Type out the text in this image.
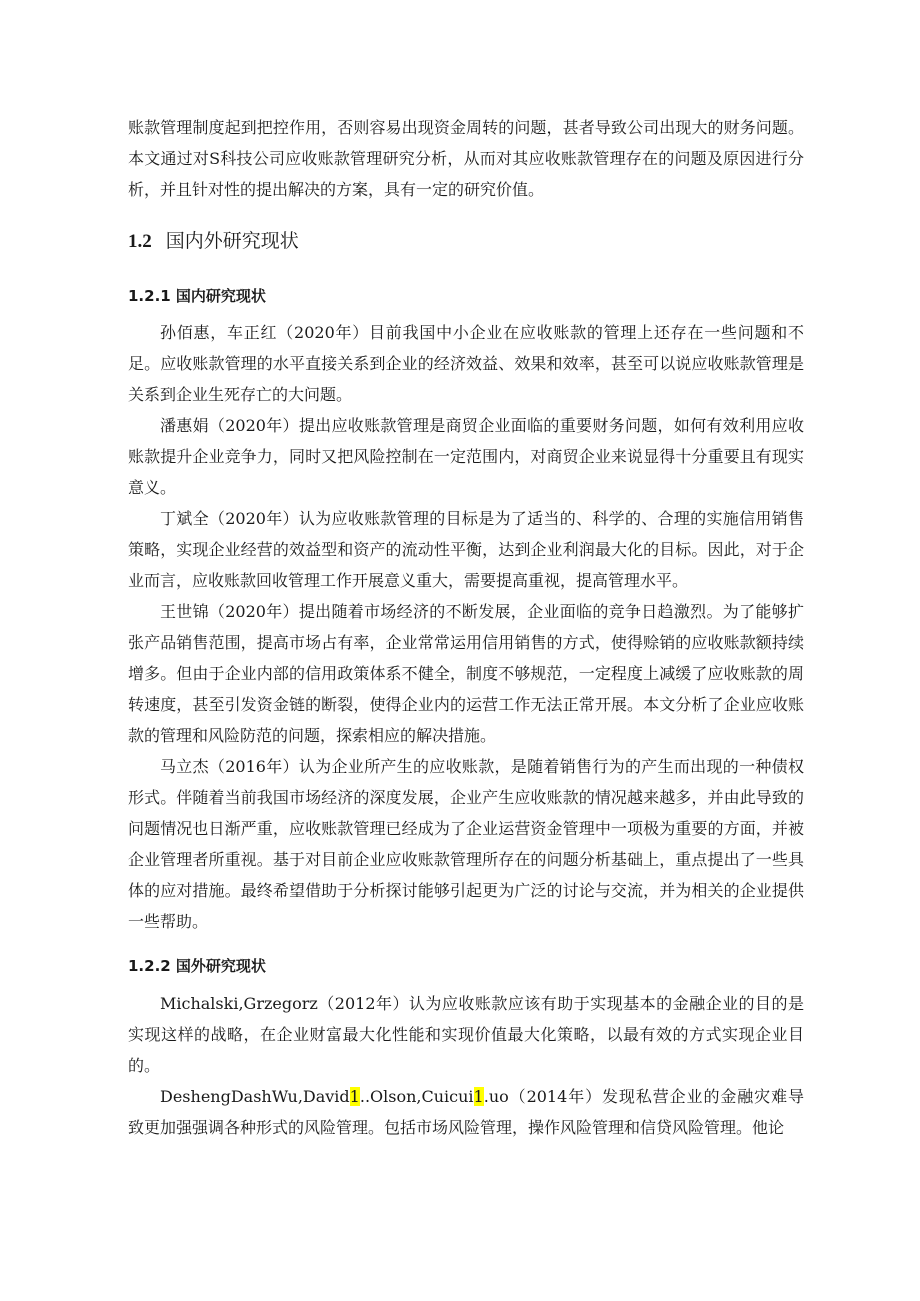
账款管理制度起到把控作用，否则容易出现资金周转的问题，甚者导致公司出现大的财务问题。本文通过对S科技公司应收账款管理研究分析，从而对其应收账款管理存在的问题及原因进行分析，并且针对性的提出解决的方案，具有一定的研究价值。

1.2 国内外研究现状
1.2.1 国内研究现状

孙佰惠，车正红（2020年）目前我国中小企业在应收账款的管理上还存在一些问题和不足。应收账款管理的水平直接关系到企业的经济效益、效果和效率，甚至可以说应收账款管理是关系到企业生死存亡的大问题。

潘惠娟（2020年）提出应收账款管理是商贸企业面临的重要财务问题，如何有效利用应收账款提升企业竞争力，同时又把风险控制在一定范围内，对商贸企业来说显得十分重要且有现实意义。

丁斌全（2020年）认为应收账款管理的目标是为了适当的、科学的、合理的实施信用销售策略，实现企业经营的效益型和资产的流动性平衡，达到企业利润最大化的目标。因此，对于企业而言，应收账款回收管理工作开展意义重大，需要提高重视，提高管理水平。

王世锦（2020年）提出随着市场经济的不断发展，企业面临的竞争日趋激烈。为了能够扩张产品销售范围，提高市场占有率，企业常常运用信用销售的方式，使得赊销的应收账款额持续增多。但由于企业内部的信用政策体系不健全，制度不够规范，一定程度上减缓了应收账款的周转速度，甚至引发资金链的断裂，使得企业内的运营工作无法正常开展。本文分析了企业应收账款的管理和风险防范的问题，探索相应的解决措施。

马立杰（2016年）认为企业所产生的应收账款，是随着销售行为的产生而出现的一种债权形式。伴随着当前我国市场经济的深度发展，企业产生应收账款的情况越来越多，并由此导致的问题情况也日渐严重，应收账款管理已经成为了企业运营资金管理中一项极为重要的方面，并被企业管理者所重视。基于对目前企业应收账款管理所存在的问题分析基础上，重点提出了一些具体的应对措施。最终希望借助于分析探讨能够引起更为广泛的讨论与交流，并为相关的企业提供一些帮助。

1.2.2 国外研究现状

Michalski,Grzegorz（2012年）认为应收账款应该有助于实现基本的金融企业的目的是实现这样的战略，在企业财富最大化性能和实现价值最大化策略，以最有效的方式实现企业目的。

DeshengDashWu,David1..Olson,Cuicui1.uo（2014年）发现私营企业的金融灾难导致更加强强调各种形式的风险管理。包括市场风险管理，操作风险管理和信贷风险管理。他论
